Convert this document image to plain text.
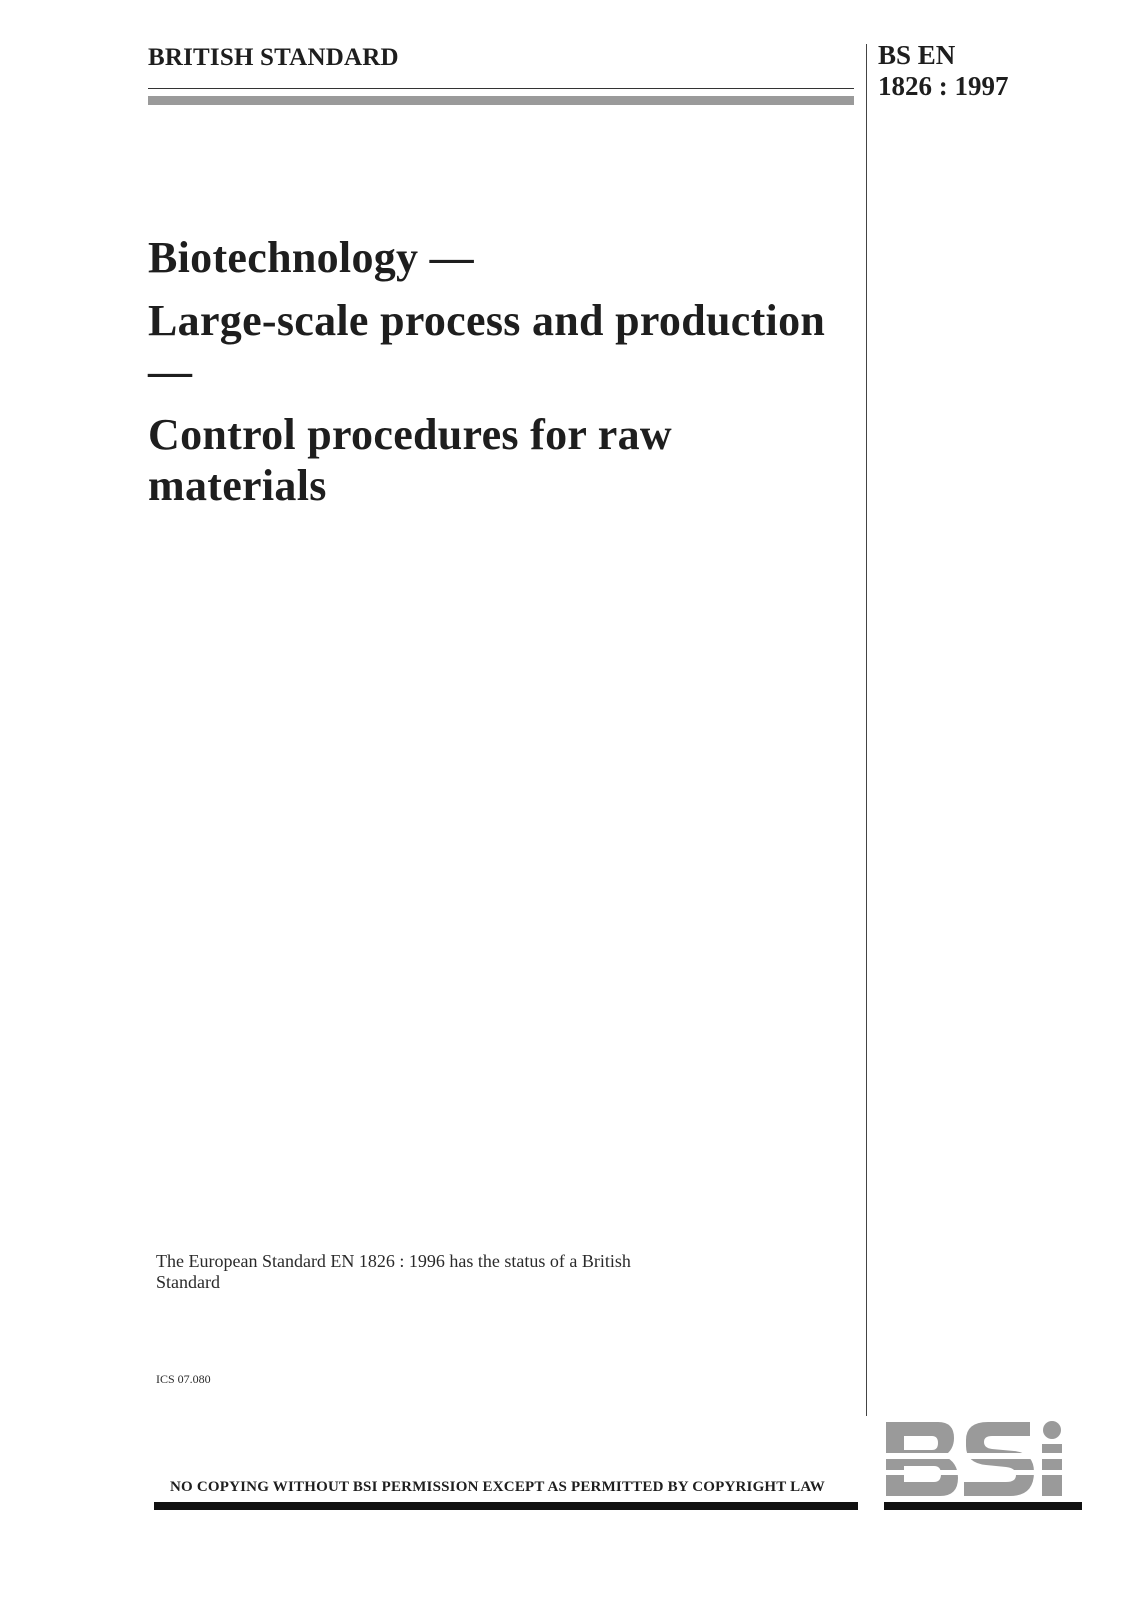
BRITISH STANDARD	BS EN
1826 : 1997
Biotechnology —
Large-scale process and production —
Control procedures for raw materials
The European Standard EN 1826 : 1996 has the status of a British Standard
ICS 07.080
NO COPYING WITHOUT BSI PERMISSION EXCEPT AS PERMITTED BY COPYRIGHT LAW
